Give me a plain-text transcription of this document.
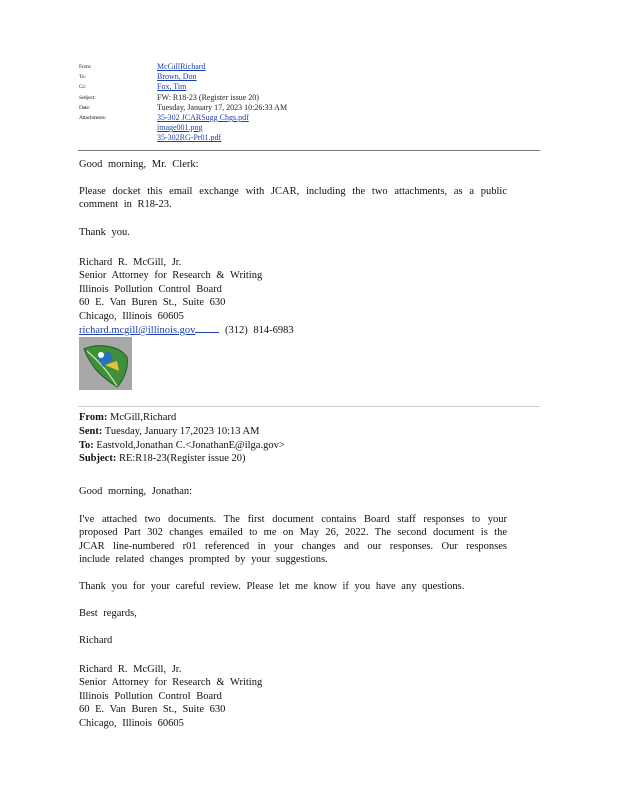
From:	McGillRichard
To:	Brown, Don
Cc:	Fox, Tim
Subject:	FW: R18-23 (Register issue 20)
Date:	Tuesday, January 17, 2023 10:26:33 AM
Attachments:	35-302 JCARSugg Chgs.pdf
image001.png
35-302RG-Pr01.pdf

Good morning, Mr. Clerk:

Please docket this email exchange with JCAR, including the two attachments, as a public comment in R18-23.

Thank you.

Richard R. McGill, Jr.

Senior Attorney for Research & Writing

Illinois Pollution Control Board

60 E. Van Buren St., Suite 630

Chicago, Illinois 60605

richard.mcgill@illinois.gov (312) 814-6983

From: McGill,Richard
Sent: Tuesday, January 17,2023 10:13 AM
To: Eastvold,Jonathan C.<JonathanE@ilga.gov>
Subject: RE:R18-23(Register issue 20)

Good morning, Jonathan:

I've attached two documents. The first document contains Board staff responses to your proposed Part 302 changes emailed to me on May 26, 2022. The second document is the JCAR line-numbered r01 referenced in your changes and our responses. Our responses include related changes prompted by your suggestions.

Thank you for your careful review. Please let me know if you have any questions.

Best regards,

Richard

Richard R. McGill, Jr.

Senior Attorney for Research & Writing

Illinois Pollution Control Board

60 E. Van Buren St., Suite 630

Chicago, Illinois 60605
